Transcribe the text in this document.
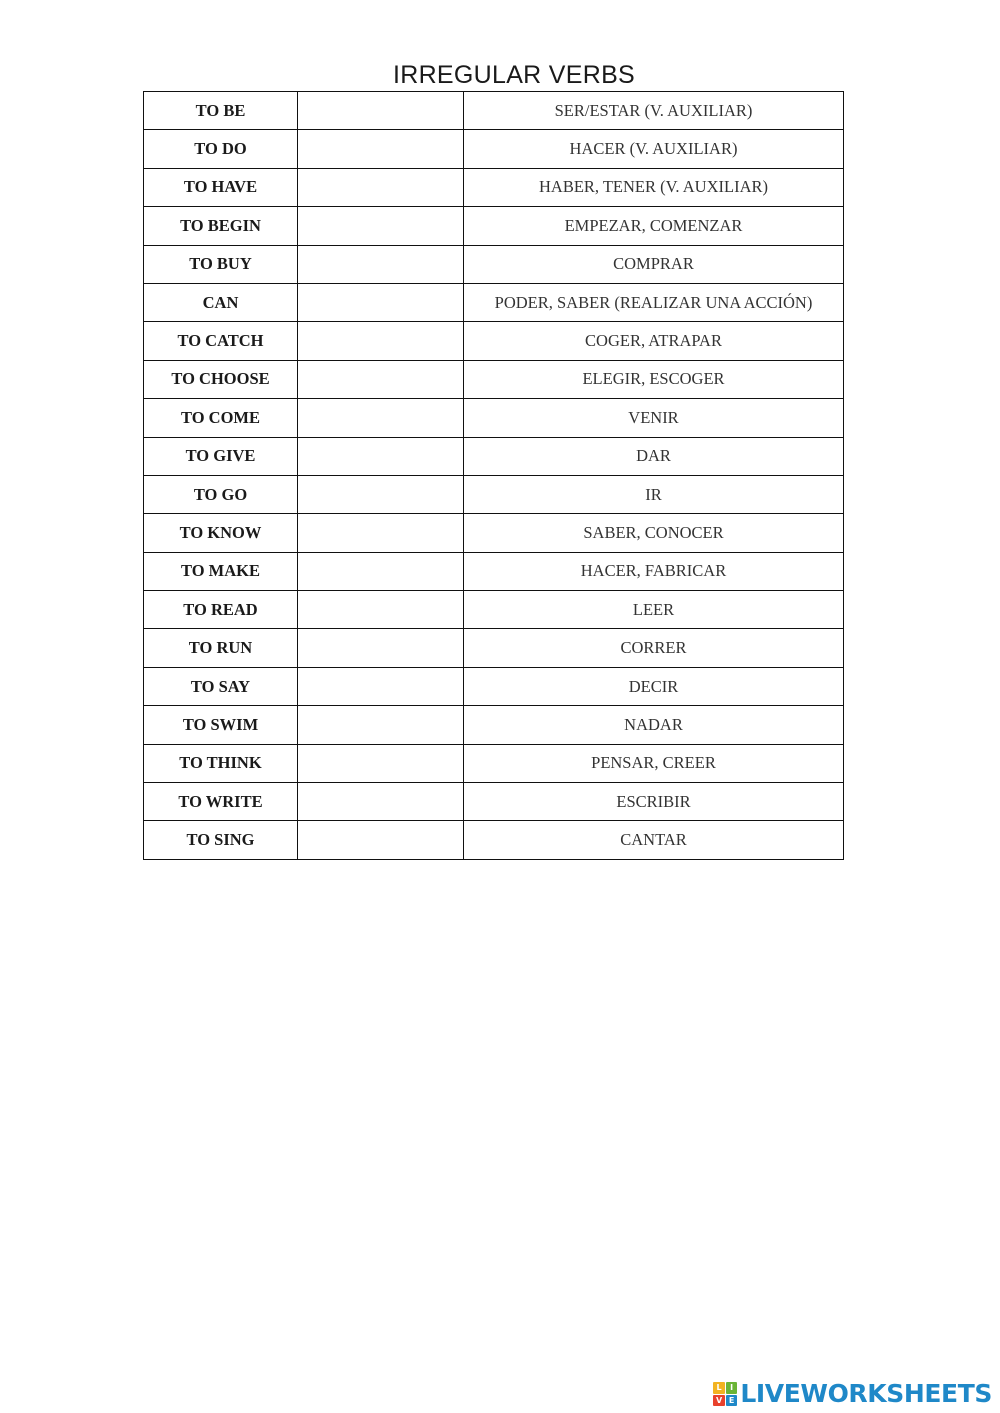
IRREGULAR VERBS
TO BE		SER/ESTAR (V. AUXILIAR)
TO DO		HACER (V. AUXILIAR)
TO HAVE		HABER, TENER (V. AUXILIAR)
TO BEGIN		EMPEZAR, COMENZAR
TO BUY		COMPRAR
CAN		PODER, SABER (REALIZAR UNA ACCIÓN)
TO CATCH		COGER, ATRAPAR
TO CHOOSE		ELEGIR, ESCOGER
TO COME		VENIR
TO GIVE		DAR
TO GO		IR
TO KNOW		SABER, CONOCER
TO MAKE		HACER, FABRICAR
TO READ		LEER
TO RUN		CORRER
TO SAY		DECIR
TO SWIM		NADAR
TO THINK		PENSAR, CREER
TO WRITE		ESCRIBIR
TO SING		CANTAR
L	I
V E LIVEWORKSHEETS
